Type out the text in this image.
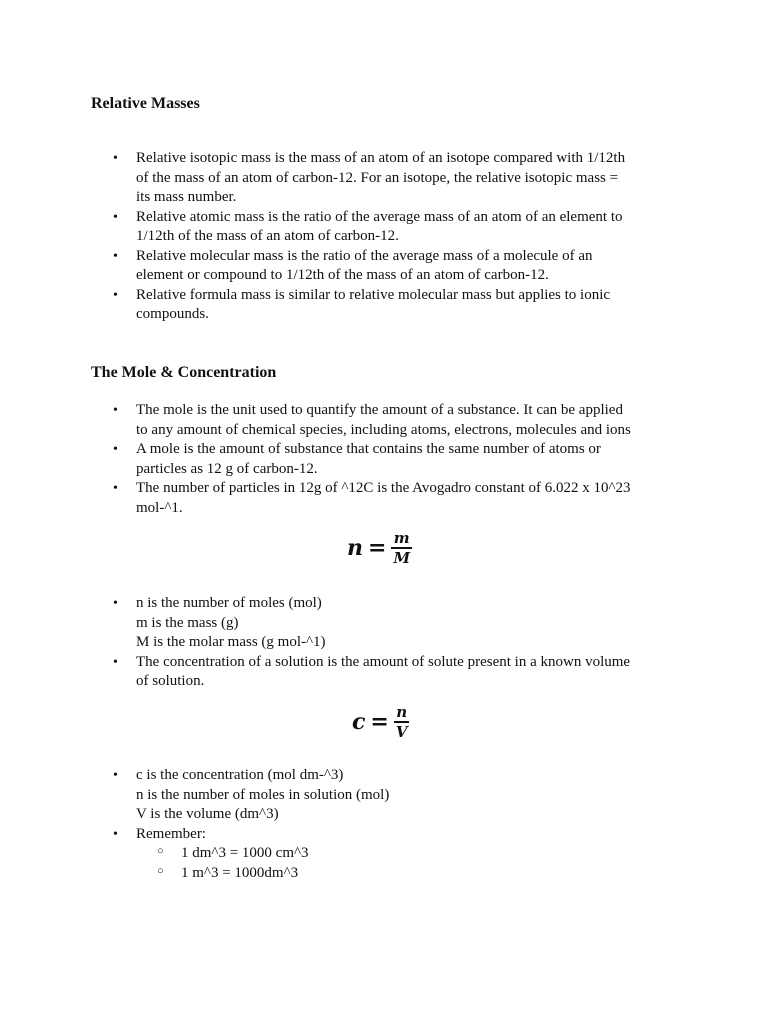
Relative Masses
• Relative isotopic mass is the mass of an atom of an isotope compared with 1/12th
of the mass of an atom of carbon-12. For an isotope, the relative isotopic mass =
its mass number.
• Relative atomic mass is the ratio of the average mass of an atom of an element to
1/12th of the mass of an atom of carbon-12.
• Relative molecular mass is the ratio of the average mass of a molecule of an
element or compound to 1/12th of the mass of an atom of carbon-12.
• Relative formula mass is similar to relative molecular mass but applies to ionic
compounds.
The Mole & Concentration
• The mole is the unit used to quantify the amount of a substance. It can be applied
to any amount of chemical species, including atoms, electrons, molecules and ions
• A mole is the amount of substance that contains the same number of atoms or
particles as 12 g of carbon-12.
• The number of particles in 12g of ^12C is the Avogadro constant of 6.022 x 10^23
mol-^1.
$n = \frac{m}{M}$
• n is the number of moles (mol)
m is the mass (g)
M is the molar mass (g mol-^1)
• The concentration of a solution is the amount of solute present in a known volume
of solution.
$c = \frac{n}{V}$
• c is the concentration (mol dm-^3)
n is the number of moles in solution (mol)
V is the volume (dm^3)
• Remember:
○ 1 dm^3 = 1000 cm^3
○ 1 m^3 = 1000dm^3
